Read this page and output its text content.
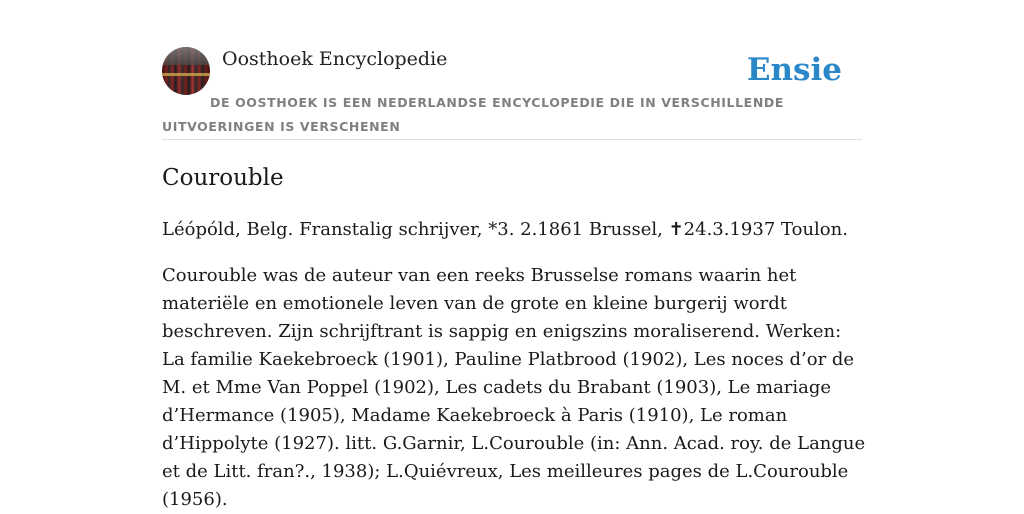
Oosthoek Encyclopedie	Ensie
DE OOSTHOEK IS EEN NEDERLANDSE ENCYCLOPEDIE DIE IN VERSCHILLENDE UITVOERINGEN IS VERSCHENEN
Courouble

Léópóld, Belg. Franstalig schrijver, *3. 2.1861 Brussel, ✝24.3.1937 Toulon.

Courouble was de auteur van een reeks Brusselse romans waarin het materiële en emotionele leven van de grote en kleine burgerij wordt beschreven. Zijn schrijftrant is sappig en enigszins moraliserend. Werken: La familie Kaekebroeck (1901), Pauline Platbrood (1902), Les noces d’or de M. et Mme Van Poppel (1902), Les cadets du Brabant (1903), Le mariage d’Hermance (1905), Madame Kaekebroeck à Paris (1910), Le roman d’Hippolyte (1927). litt. G.Garnir, L.Courouble (in: Ann. Acad. roy. de Langue et de Litt. fran?., 1938); L.Quiévreux, Les meilleures pages de L.Courouble (1956).
